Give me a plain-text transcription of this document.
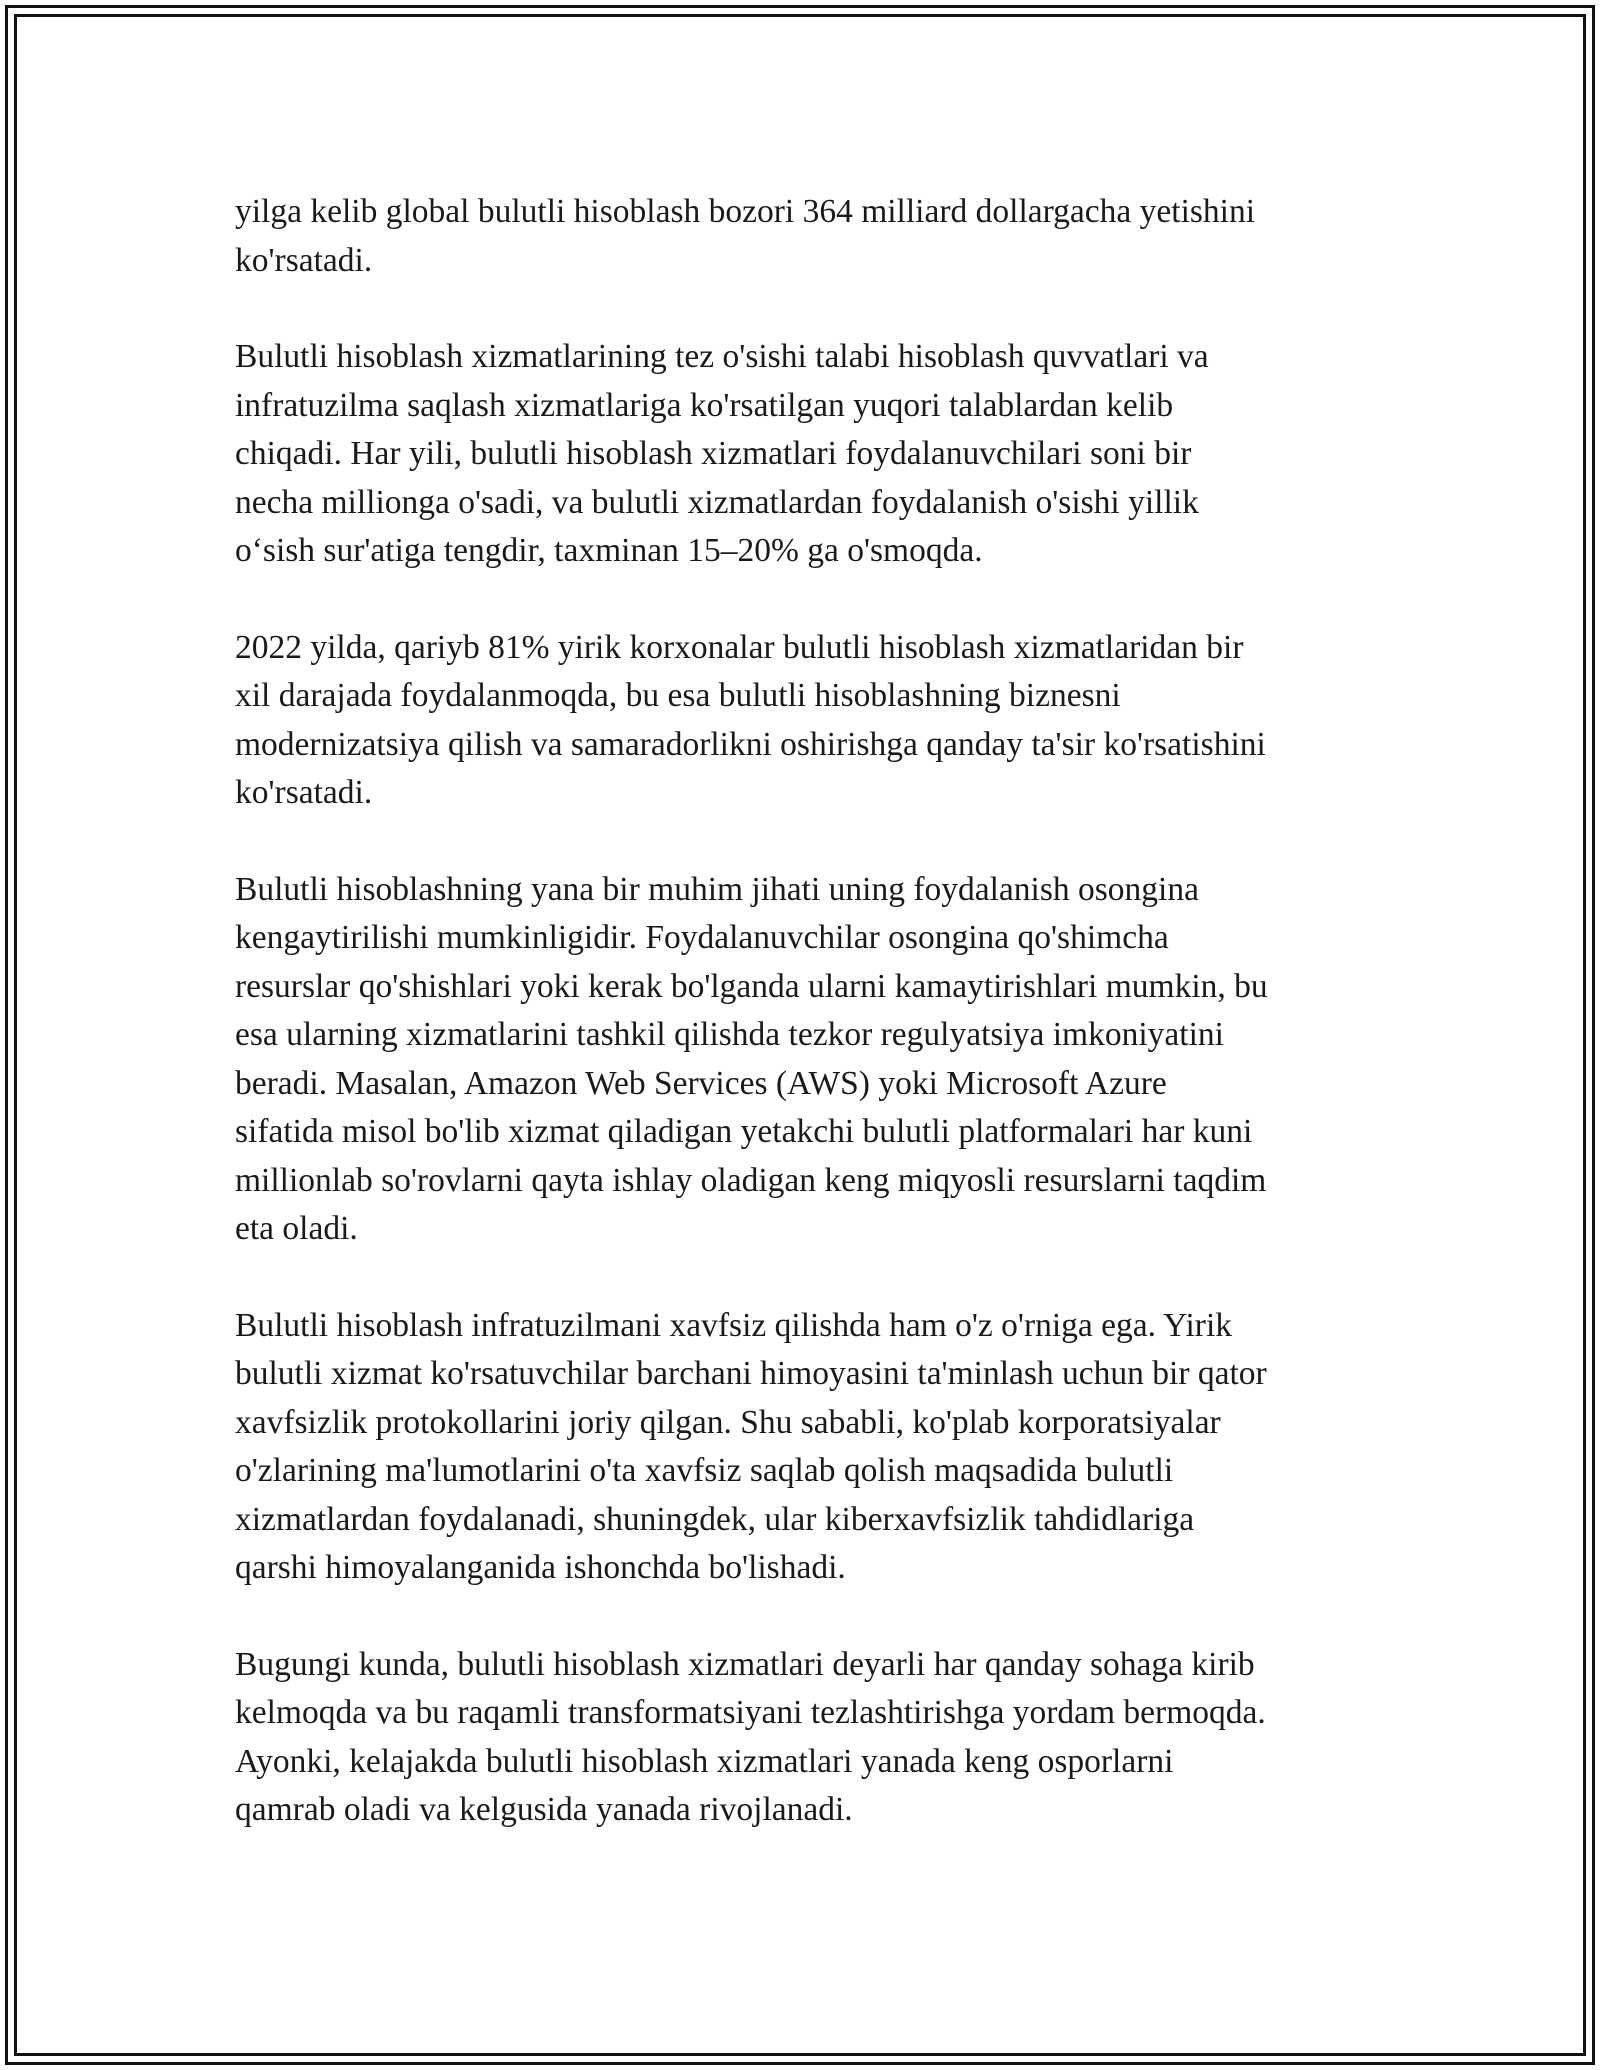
yilga kelib global bulutli hisoblash bozori 364 milliard dollargacha yetishini
ko'rsatadi.

Bulutli hisoblash xizmatlarining tez o'sishi talabi hisoblash quvvatlari va
infratuzilma saqlash xizmatlariga ko'rsatilgan yuqori talablardan kelib
chiqadi. Har yili, bulutli hisoblash xizmatlari foydalanuvchilari soni bir
necha millionga o'sadi, va bulutli xizmatlardan foydalanish o'sishi yillik
o‘sish sur'atiga tengdir, taxminan 15–20% ga o'smoqda.

2022 yilda, qariyb 81% yirik korxonalar bulutli hisoblash xizmatlaridan bir
xil darajada foydalanmoqda, bu esa bulutli hisoblashning biznesni
modernizatsiya qilish va samaradorlikni oshirishga qanday ta'sir ko'rsatishini
ko'rsatadi.

Bulutli hisoblashning yana bir muhim jihati uning foydalanish osongina
kengaytirilishi mumkinligidir. Foydalanuvchilar osongina qo'shimcha
resurslar qo'shishlari yoki kerak bo'lganda ularni kamaytirishlari mumkin, bu
esa ularning xizmatlarini tashkil qilishda tezkor regulyatsiya imkoniyatini
beradi. Masalan, Amazon Web Services (AWS) yoki Microsoft Azure
sifatida misol bo'lib xizmat qiladigan yetakchi bulutli platformalari har kuni
millionlab so'rovlarni qayta ishlay oladigan keng miqyosli resurslarni taqdim
eta oladi.

Bulutli hisoblash infratuzilmani xavfsiz qilishda ham o'z o'rniga ega. Yirik
bulutli xizmat ko'rsatuvchilar barchani himoyasini ta'minlash uchun bir qator
xavfsizlik protokollarini joriy qilgan. Shu sababli, ko'plab korporatsiyalar
o'zlarining ma'lumotlarini o'ta xavfsiz saqlab qolish maqsadida bulutli
xizmatlardan foydalanadi, shuningdek, ular kiberxavfsizlik tahdidlariga
qarshi himoyalanganida ishonchda bo'lishadi.

Bugungi kunda, bulutli hisoblash xizmatlari deyarli har qanday sohaga kirib
kelmoqda va bu raqamli transformatsiyani tezlashtirishga yordam bermoqda.
Ayonki, kelajakda bulutli hisoblash xizmatlari yanada keng osporlarni
qamrab oladi va kelgusida yanada rivojlanadi.
